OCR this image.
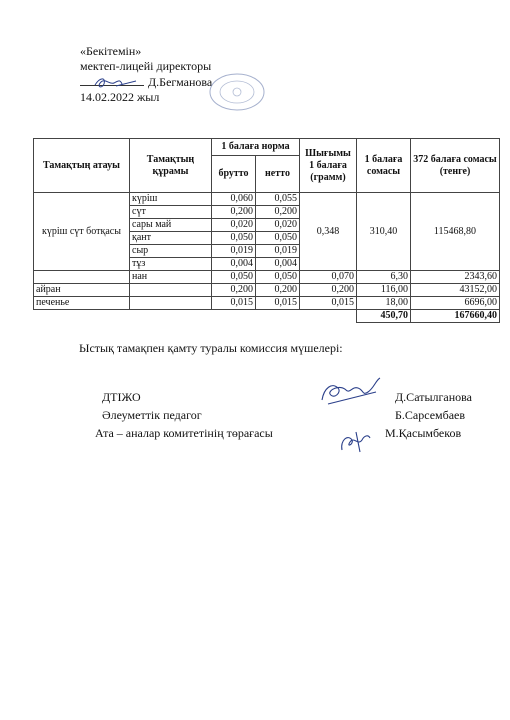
«Бекітемін»
мектеп-лицейі директоры
Д.Бегманова
14.02.2022 жыл
Тамақтың атауы	Тамақтың құрамы	1 балаға норма		Шығымы 1 балаға (грамм)	1 балаға сомасы	372 балаға сомасы (тенге)
		брутто	нетто			
күріш сүт ботқасы	күріш	0,060	0,055	0,348	310,40	115468,80
	сүт	0,200	0,200			
	сары май	0,020	0,020			
	қант	0,050	0,050			
	сыр	0,019	0,019			
	тұз	0,004	0,004			
	нан	0,050	0,050	0,070	6,30	2343,60
айран		0,200	0,200	0,200	116,00	43152,00
печенье		0,015	0,015	0,015	18,00	6696,00
					450,70	167660,40
Ыстық тамақпен қамту туралы комиссия мүшелері:
ДТІЖО	Д.Сатылганова
Әлеуметтік педагог	Б.Сарсембаев
Ата – аналар комитетінің төрағасы	М.Қасымбеков
